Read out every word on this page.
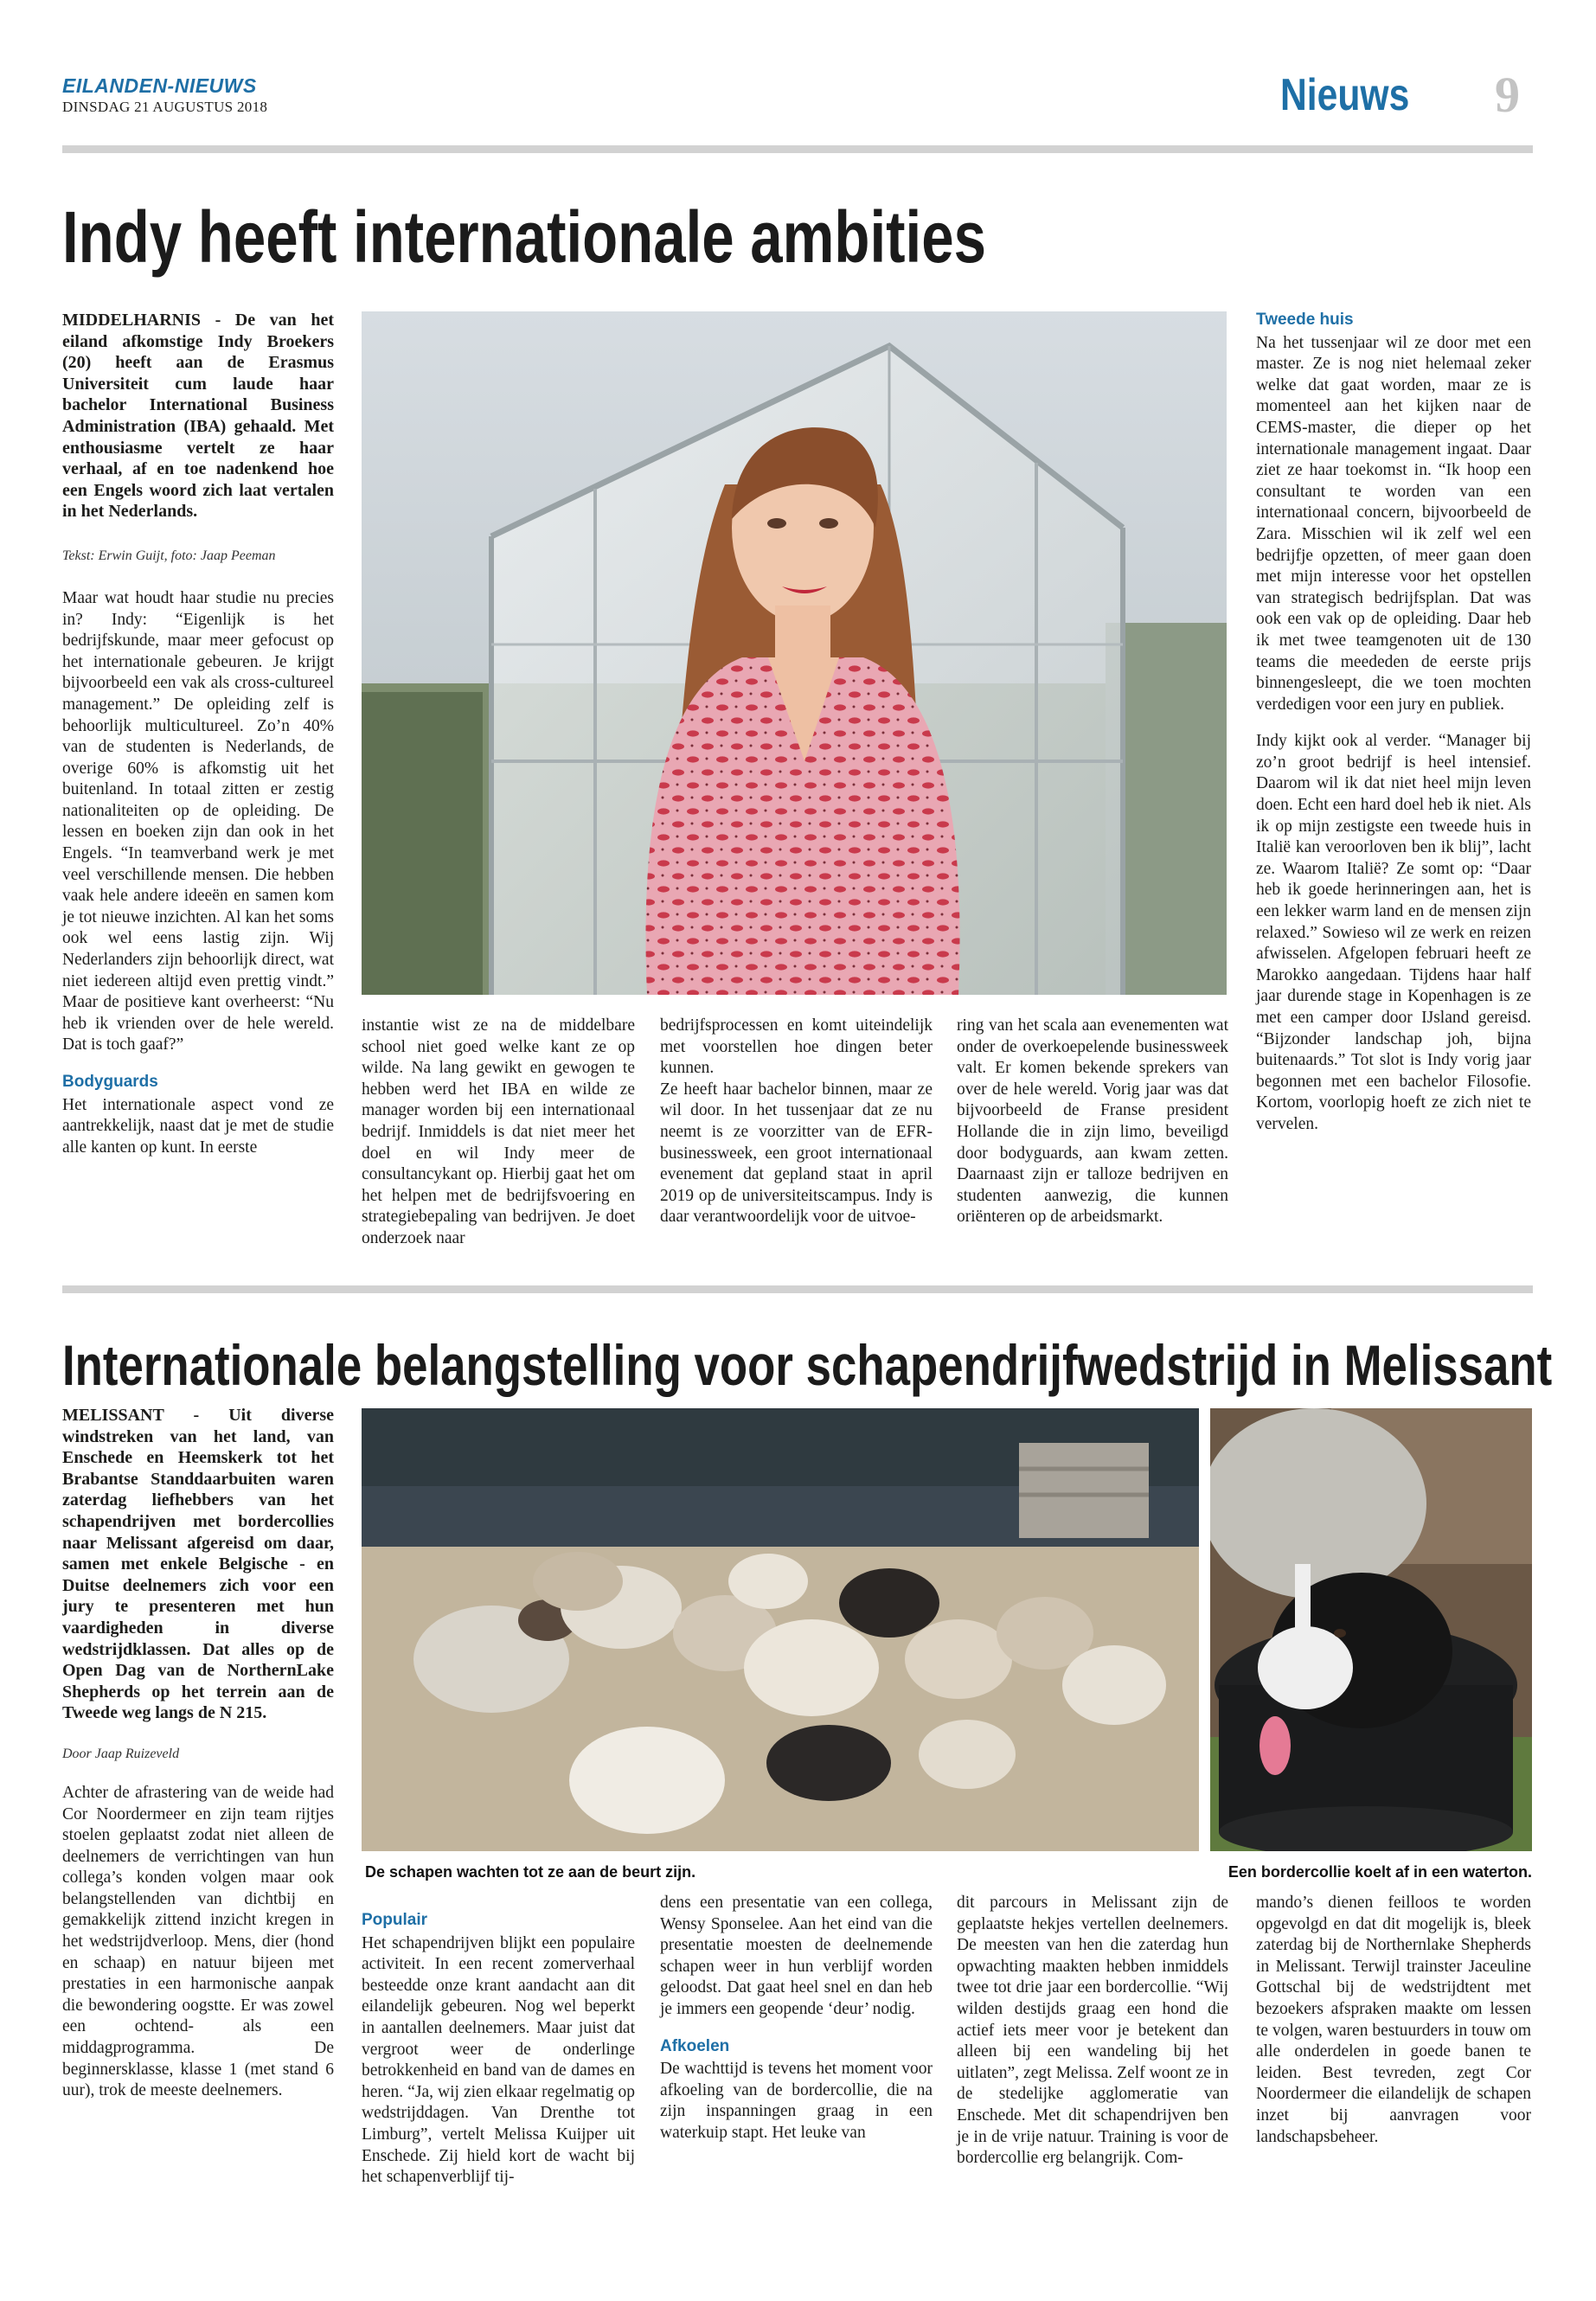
EILANDEN-NIEUWS
DINSDAG 21 AUGUSTUS 2018	Nieuws 9
Indy heeft internationale ambities
MIDDELHARNIS - De van het eiland afkomstige Indy Broekers (20) heeft aan de Erasmus Universiteit cum laude haar bachelor International Business Administration (IBA) gehaald. Met enthousiasme vertelt ze haar verhaal, af en toe nadenkend hoe een Engels woord zich laat vertalen in het Nederlands.
Tekst: Erwin Guijt, foto: Jaap Peeman

Maar wat houdt haar studie nu precies in? Indy: “Eigenlijk is het bedrijfskunde, maar meer gefocust op het internationale gebeuren. Je krijgt bijvoorbeeld een vak als cross-cultureel management.” De opleiding zelf is behoorlijk multicultureel. Zo’n 40% van de studenten is Nederlands, de overige 60% is afkomstig uit het buitenland. In totaal zitten er zestig nationaliteiten op de opleiding. De lessen en boeken zijn dan ook in het Engels. “In teamverband werk je met veel verschillende mensen. Die hebben vaak hele andere ideeën en samen kom je tot nieuwe inzichten. Al kan het soms ook wel eens lastig zijn. Wij Nederlanders zijn behoorlijk direct, wat niet iedereen altijd even prettig vindt.” Maar de positieve kant overheerst: “Nu heb ik vrienden over de hele wereld. Dat is toch gaaf?”

Bodyguards

Het internationale aspect vond ze aantrekkelijk, naast dat je met de studie alle kanten op kunt. In eerste

instantie wist ze na de middelbare school niet goed welke kant ze op wilde. Na lang gewikt en gewogen te hebben werd het IBA en wilde ze manager worden bij een internationaal bedrijf. Inmiddels is dat niet meer het doel en wil Indy meer de consultancykant op. Hierbij gaat het om het helpen met de bedrijfsvoering en strategiebepaling van bedrijven. Je doet onderzoek naar

bedrijfsprocessen en komt uiteindelijk met voorstellen hoe dingen beter kunnen.

Ze heeft haar bachelor binnen, maar ze wil door. In het tussenjaar dat ze nu neemt is ze voorzitter van de EFR-businessweek, een groot internationaal evenement dat gepland staat in april 2019 op de universiteitscampus. Indy is daar verantwoordelijk voor de uitvoe-

ring van het scala aan evenementen wat onder de overkoepelende businessweek valt. Er komen bekende sprekers van over de hele wereld. Vorig jaar was dat bijvoorbeeld de Franse president Hollande die in zijn limo, beveiligd door bodyguards, aan kwam zetten. Daarnaast zijn er talloze bedrijven en studenten aanwezig, die kunnen oriënteren op de arbeidsmarkt.

Tweede huis

Na het tussenjaar wil ze door met een master. Ze is nog niet helemaal zeker welke dat gaat worden, maar ze is momenteel aan het kijken naar de CEMS-master, die dieper op het internationale management ingaat. Daar ziet ze haar toekomst in. “Ik hoop een consultant te worden van een internationaal concern, bijvoorbeeld de Zara. Misschien wil ik zelf wel een bedrijfje opzetten, of meer gaan doen met mijn interesse voor het opstellen van strategisch bedrijfsplan. Dat was ook een vak op de opleiding. Daar heb ik met twee teamgenoten uit de 130 teams die meededen de eerste prijs binnengesleept, die we toen mochten verdedigen voor een jury en publiek.

Indy kijkt ook al verder. “Manager bij zo’n groot bedrijf is heel intensief. Daarom wil ik dat niet heel mijn leven doen. Echt een hard doel heb ik niet. Als ik op mijn zestigste een tweede huis in Italië kan veroorloven ben ik blij”, lacht ze. Waarom Italië? Ze somt op: “Daar heb ik goede herinneringen aan, het is een lekker warm land en de mensen zijn relaxed.” Sowieso wil ze werk en reizen afwisselen. Afgelopen februari heeft ze Marokko aangedaan. Tijdens haar half jaar durende stage in Kopenhagen is ze met een camper door IJsland gereisd. “Bijzonder landschap joh, bijna buitenaards.” Tot slot is Indy vorig jaar begonnen met een bachelor Filosofie. Kortom, voorlopig hoeft ze zich niet te vervelen.

Internationale belangstelling voor schapendrijfwedstrijd in Melissant
MELISSANT - Uit diverse windstreken van het land, van Enschede en Heemskerk tot het Brabantse Standdaarbuiten waren zaterdag liefhebbers van het schapendrijven met bordercollies naar Melissant afgereisd om daar, samen met enkele Belgische - en Duitse deelnemers zich voor een jury te presenteren met hun vaardigheden in diverse wedstrijdklassen. Dat alles op de Open Dag van de NorthernLake Shepherds op het terrein aan de Tweede weg langs de N 215.
Door Jaap Ruizeveld

Achter de afrastering van de weide had Cor Noordermeer en zijn team rijtjes stoelen geplaatst zodat niet alleen de deelnemers de verrichtingen van hun collega’s konden volgen maar ook belangstellenden van dichtbij en gemakkelijk zittend inzicht kregen in het wedstrijdverloop. Mens, dier (hond en schaap) en natuur bijeen met prestaties in een harmonische aanpak die bewondering oogstte. Er was zowel een ochtend- als een middagprogramma. De beginnersklasse, klasse 1 (met stand 6 uur), trok de meeste deelnemers.

De schapen wachten tot ze aan de beurt zijn.	Een bordercollie koelt af in een waterton.
Populair

Het schapendrijven blijkt een populaire activiteit. In een recent zomerverhaal besteedde onze krant aandacht aan dit eilandelijk gebeuren. Nog wel beperkt in aantallen deelnemers. Maar juist dat vergroot weer de onderlinge betrokkenheid en band van de dames en heren. “Ja, wij zien elkaar regelmatig op wedstrijddagen. Van Drenthe tot Limburg”, vertelt Melissa Kuijper uit Enschede. Zij hield kort de wacht bij het schapenverblijf tij-

dens een presentatie van een collega, Wensy Sponselee. Aan het eind van die presentatie moesten de deelnemende schapen weer in hun verblijf worden geloodst. Dat gaat heel snel en dan heb je immers een geopende ‘deur’ nodig.

Afkoelen

De wachttijd is tevens het moment voor afkoeling van de bordercollie, die na zijn inspanningen graag in een waterkuip stapt. Het leuke van

dit parcours in Melissant zijn de geplaatste hekjes vertellen deelnemers. De meesten van hen die zaterdag hun opwachting maakten hebben inmiddels twee tot drie jaar een bordercollie. “Wij wilden destijds graag een hond die actief iets meer voor je betekent dan alleen bij een wandeling bij het uitlaten”, zegt Melissa. Zelf woont ze in de stedelijke agglomeratie van Enschede. Met dit schapendrijven ben je in de vrije natuur. Training is voor de bordercollie erg belangrijk. Com-

mando’s dienen feilloos te worden opgevolgd en dat dit mogelijk is, bleek zaterdag bij de Northernlake Shepherds in Melissant. Terwijl trainster Jaceuline Gottschal bij de wedstrijdtent met bezoekers afspraken maakte om lessen te volgen, waren bestuurders in touw om alle onderdelen in goede banen te leiden. Best tevreden, zegt Cor Noordermeer die eilandelijk de schapen inzet bij aanvragen voor landschapsbeheer.
